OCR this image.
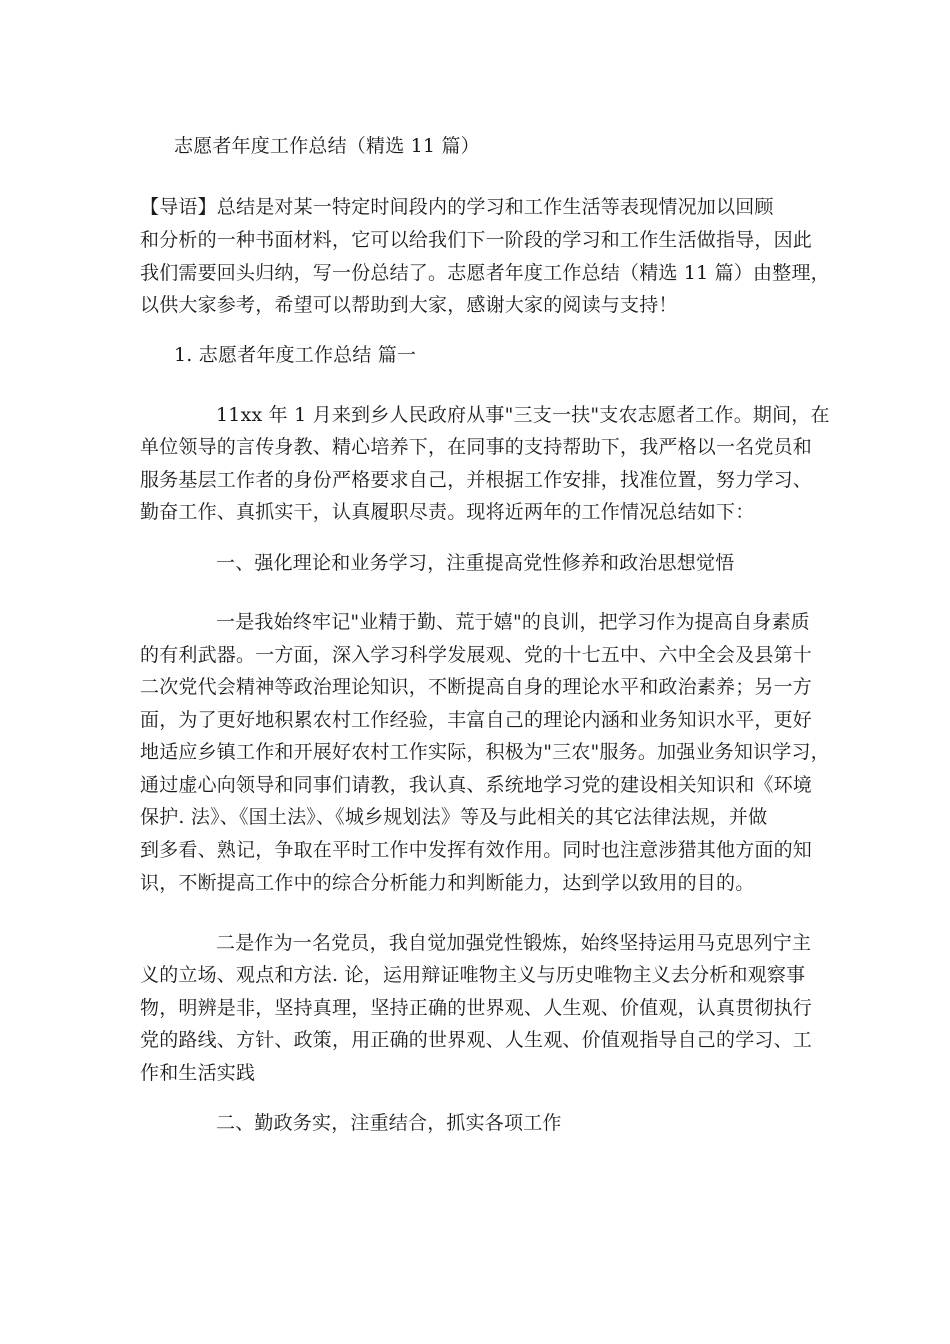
志愿者年度工作总结（精选 11 篇）
【导语】总结是对某一特定时间段内的学习和工作生活等表现情况加以回顾
和分析的一种书面材料，它可以给我们下一阶段的学习和工作生活做指导，因此
我们需要回头归纳，写一份总结了。志愿者年度工作总结（精选 11 篇）由整理，
以供大家参考，希望可以帮助到大家，感谢大家的阅读与支持！
1. 志愿者年度工作总结 篇一
11xx 年 1 月来到乡人民政府从事"三支一扶"支农志愿者工作。期间，在
单位领导的言传身教、精心培养下，在同事的支持帮助下，我严格以一名党员和
服务基层工作者的身份严格要求自己，并根据工作安排，找准位置，努力学习、
勤奋工作、真抓实干，认真履职尽责。现将近两年的工作情况总结如下：
一、强化理论和业务学习，注重提高党性修养和政治思想觉悟
一是我始终牢记"业精于勤、荒于嬉"的良训，把学习作为提高自身素质
的有利武器。一方面，深入学习科学发展观、党的十七五中、六中全会及县第十
二次党代会精神等政治理论知识，不断提高自身的理论水平和政治素养；另一方
面，为了更好地积累农村工作经验，丰富自己的理论内涵和业务知识水平，更好
地适应乡镇工作和开展好农村工作实际，积极为"三农"服务。加强业务知识学习，
通过虚心向领导和同事们请教，我认真、系统地学习党的建设相关知识和《环境
保护. 法》、《国土法》、《城乡规划法》等及与此相关的其它法律法规，并做
到多看、熟记，争取在平时工作中发挥有效作用。同时也注意涉猎其他方面的知
识，不断提高工作中的综合分析能力和判断能力，达到学以致用的目的。
二是作为一名党员，我自觉加强党性锻炼，始终坚持运用马克思列宁主
义的立场、观点和方法. 论，运用辩证唯物主义与历史唯物主义去分析和观察事
物，明辨是非，坚持真理，坚持正确的世界观、人生观、价值观，认真贯彻执行
党的路线、方针、政策，用正确的世界观、人生观、价值观指导自己的学习、工
作和生活实践
二、勤政务实，注重结合，抓实各项工作
